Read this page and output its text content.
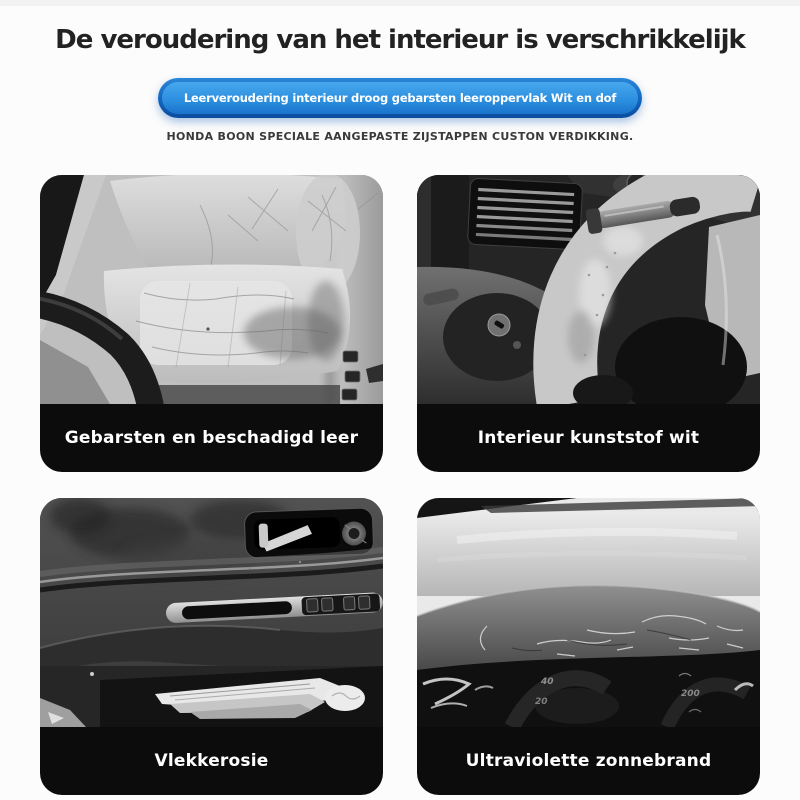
De veroudering van het interieur is verschrikkelijk
Leerveroudering interieur droog gebarsten leeroppervlak Wit en dof
HONDA BOON SPECIALE AANGEPASTE ZIJSTAPPEN CUSTON VERDIKKING.
Gebarsten en beschadigd leer	Interieur kunststof wit
Vlekkerosie
40
20
200
Ultraviolette zonnebrand
